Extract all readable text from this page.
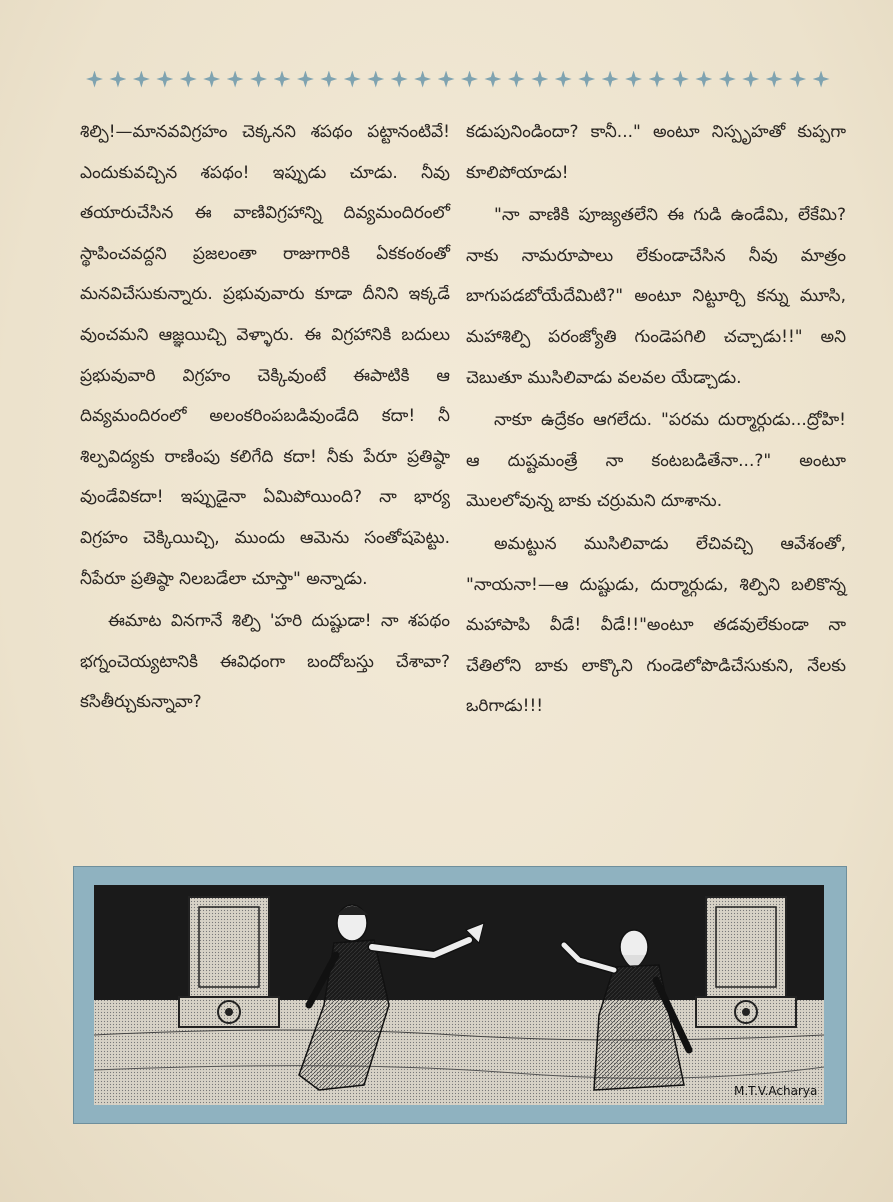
శిల్పి!—మానవవిగ్రహం చెక్కనని శపథం పట్టానంటివే! ఎందుకువచ్చిన శపథం! ఇప్పుడు చూడు. నీవు తయారుచేసిన ఈ వాణివిగ్రహాన్ని దివ్యమందిరంలో స్థాపించవద్దని ప్రజలంతా రాజుగారికి ఏకకంఠంతో మనవిచేసుకున్నారు. ప్రభువువారు కూడా దీనిని ఇక్కడే వుంచమని ఆజ్ఞయిచ్చి వెళ్ళారు. ఈ విగ్రహానికి బదులు ప్రభువువారి విగ్రహం చెక్కివుంటే ఈపాటికి ఆ దివ్యమందిరంలో అలంకరింపబడివుండేది కదా! నీ శిల్పవిద్యకు రాణింపు కలిగేది కదా! నీకు పేరూ ప్రతిష్ఠా వుండేవికదా! ఇప్పుడైనా ఏమిపోయింది? నా భార్య విగ్రహం చెక్కియిచ్చి, ముందు ఆమెను సంతోషపెట్టు. నీపేరూ ప్రతిష్ఠా నిలబడేలా చూస్తా" అన్నాడు.

ఈమాట వినగానే శిల్పి 'హరి దుష్టుడా! నా శపథం భగ్నంచెయ్యటానికి ఈవిధంగా బందోబస్తు చేశావా? కసితీర్చుకున్నావా?

కడుపునిండిందా? కానీ..." అంటూ నిస్పృహతో కుప్పగా కూలిపోయాడు!

"నా వాణికి పూజ్యతలేని ఈ గుడి ఉండేమి, లేకేమి? నాకు నామరూపాలు లేకుండాచేసిన నీవు మాత్రం బాగుపడబోయేదేమిటి?" అంటూ నిట్టూర్చి కన్ను మూసి, మహాశిల్పి పరంజ్యోతి గుండెపగిలి చచ్చాడు!!" అని చెబుతూ ముసిలివాడు వలవల యేడ్చాడు.

నాకూ ఉద్రేకం ఆగలేదు. "పరమ దుర్మార్గుడు...ద్రోహి! ఆ దుష్టమంత్రే నా కంటబడితేనా...?" అంటూ మొలలోవున్న బాకు చర్రుమని దూశాను.

అమట్టున ముసిలివాడు లేచివచ్చి ఆవేశంతో, "నాయనా!—ఆ దుష్టుడు, దుర్మార్గుడు, శిల్పిని బలికొన్న మహాపాపి వీడే! వీడే!!"అంటూ తడవులేకుండా నా చేతిలోని బాకు లాక్కొని గుండెలోపొడిచేసుకుని, నేలకు ఒరిగాడు!!!

M.T.V.Acharya
